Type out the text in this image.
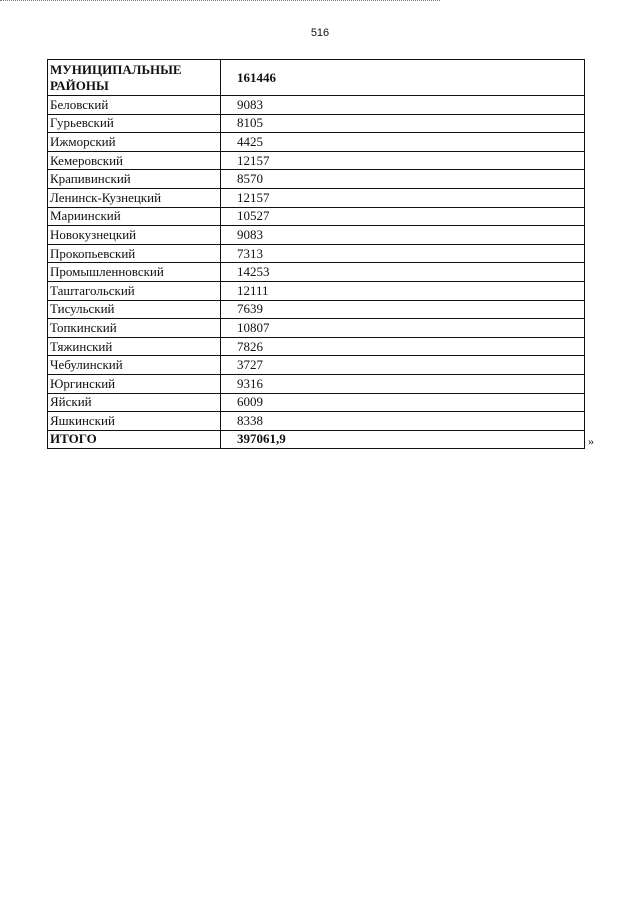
516
МУНИЦИПАЛЬНЫЕ РАЙОНЫ	161446
Беловский	9083
Гурьевский	8105
Ижморский	4425
Кемеровский	12157
Крапивинский	8570
Ленинск-Кузнецкий	12157
Мариинский	10527
Новокузнецкий	9083
Прокопьевский	7313
Промышленновский	14253
Таштагольский	12111
Тисульский	7639
Топкинский	10807
Тяжинский	7826
Чебулинский	3727
Юргинский	9316
Яйский	6009
Яшкинский	8338
ИТОГО	397061,9	»
